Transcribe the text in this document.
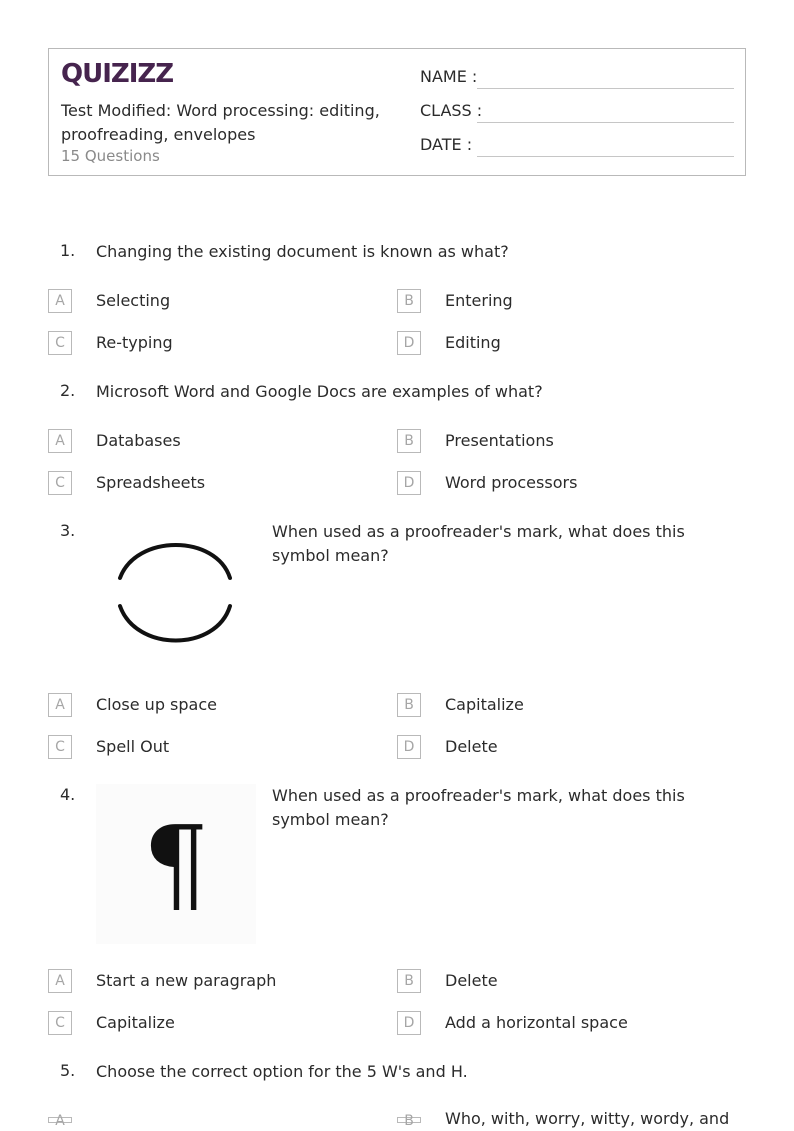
QUIZIZZ
Test Modified: Word processing: editing, proofreading, envelopes
15 Questions
NAME :
CLASS :
DATE :
1. Changing the existing document is known as what?
A	Selecting	B	Entering
C	Re-typing	D	Editing
2. Microsoft Word and Google Docs are examples of what?
A	Databases	B	Presentations
C	Spreadsheets	D	Word processors
3.	When used as a proofreader's mark, what does this symbol mean?
A	Close up space	B	Capitalize
C	Spell Out	D	Delete
4.
¶
When used as a proofreader's mark, what does this symbol mean?
A	Start a new paragraph	B	Delete
C	Capitalize	D	Add a horizontal space
5. Choose the correct option for the 5 W's and H.
A	B	Who, with, worry, witty, wordy, and
